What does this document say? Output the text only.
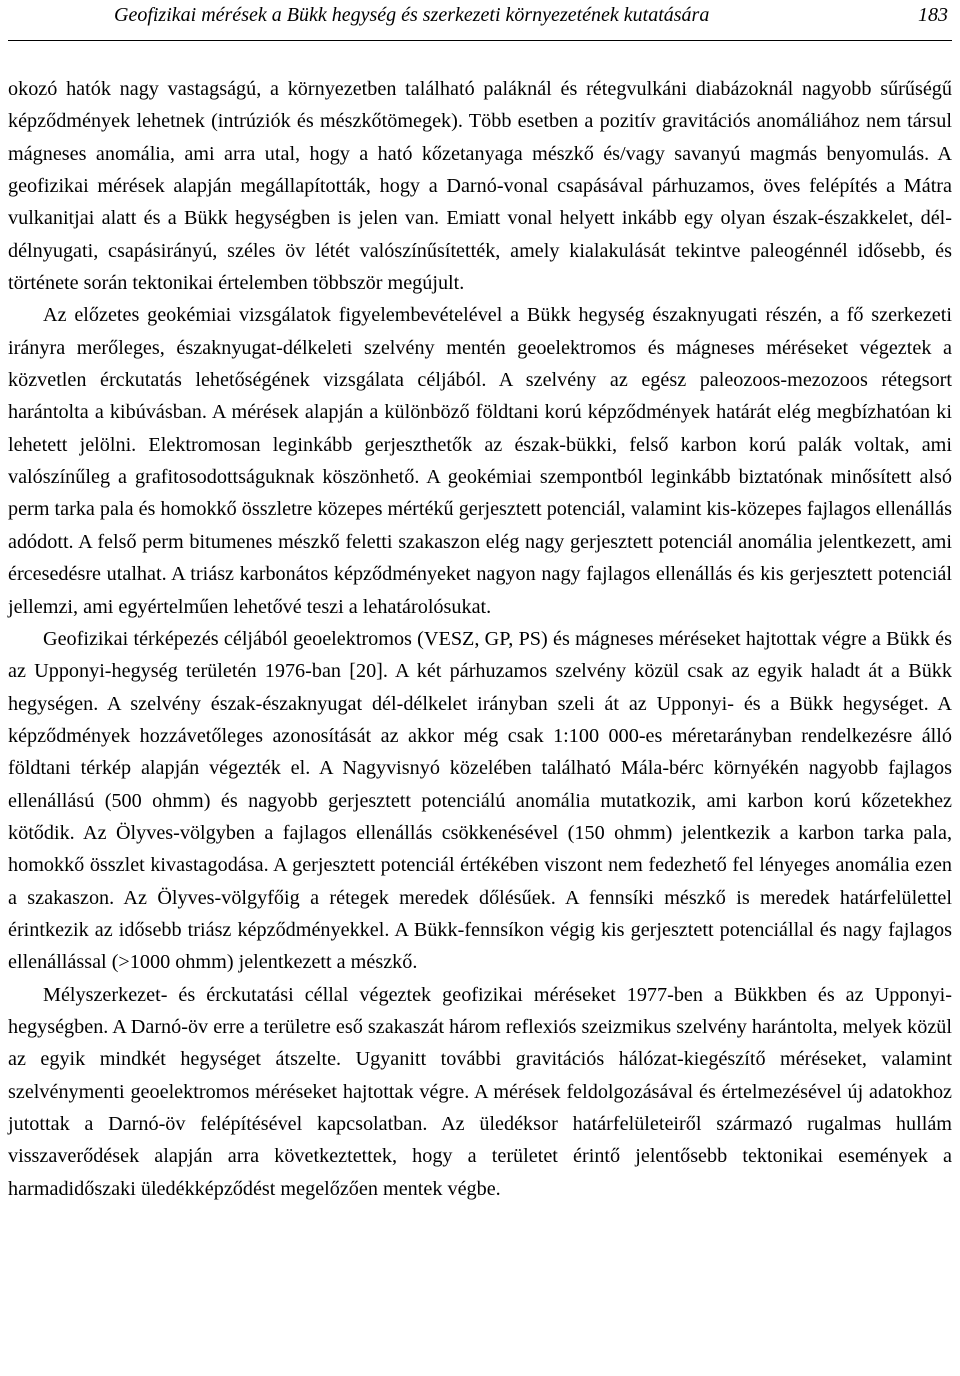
Geofizikai mérések a Bükk hegység és szerkezeti környezetének kutatására	183

okozó hatók nagy vastagságú, a környezetben található paláknál és rétegvulkáni diabázoknál nagyobb sűrűségű képződmények lehetnek (intrúziók és mészkőtömegek). Több esetben a pozitív gravitációs anomáliához nem társul mágneses anomália, ami arra utal, hogy a ható kőzetanyaga mészkő és/vagy savanyú magmás benyomulás. A geofizikai mérések alapján megállapították, hogy a Darnó-vonal csapásával párhuzamos, öves felépítés a Mátra vulkanitjai alatt és a Bükk hegységben is jelen van. Emiatt vonal helyett inkább egy olyan észak-északkelet, dél-délnyugati, csapásirányú, széles öv létét valószínűsítették, amely kialakulását tekintve paleogénnél idősebb, és története során tektonikai értelemben többször megújult.

Az előzetes geokémiai vizsgálatok figyelembevételével a Bükk hegység északnyugati részén, a fő szerkezeti irányra merőleges, északnyugat-délkeleti szelvény mentén geoelektromos és mágneses méréseket végeztek a közvetlen érckutatás lehetőségének vizsgálata céljából. A szelvény az egész paleozoos-mezozoos rétegsort harántolta a kibúvásban. A mérések alapján a különböző földtani korú képződmények határát elég megbízhatóan ki lehetett jelölni. Elektromosan leginkább gerjeszthetők az észak-bükki, felső karbon korú palák voltak, ami valószínűleg a grafitosodottságuknak köszönhető. A geokémiai szempontból leginkább biztatónak minősített alsó perm tarka pala és homokkő összletre közepes mértékű gerjesztett potenciál, valamint kis-közepes fajlagos ellenállás adódott. A felső perm bitumenes mészkő feletti szakaszon elég nagy gerjesztett potenciál anomália jelentkezett, ami ércesedésre utalhat. A triász karbonátos képződményeket nagyon nagy fajlagos ellenállás és kis gerjesztett potenciál jellemzi, ami egyértelműen lehetővé teszi a lehatárolósukat.

Geofizikai térképezés céljából geoelektromos (VESZ, GP, PS) és mágneses méréseket hajtottak végre a Bükk és az Upponyi-hegység területén 1976-ban [20]. A két párhuzamos szelvény közül csak az egyik haladt át a Bükk hegységen. A szelvény észak-északnyugat dél-délkelet irányban szeli át az Upponyi- és a Bükk hegységet. A képződmények hozzávetőleges azonosítását az akkor még csak 1:100 000-es méretarányban rendelkezésre álló földtani térkép alapján végezték el. A Nagyvisnyó közelében található Mála-bérc környékén nagyobb fajlagos ellenállású (500 ohmm) és nagyobb gerjesztett potenciálú anomália mutatkozik, ami karbon korú kőzetekhez kötődik. Az Ölyves-völgyben a fajlagos ellenállás csökkenésével (150 ohmm) jelentkezik a karbon tarka pala, homokkő összlet kivastagodása. A gerjesztett potenciál értékében viszont nem fedezhető fel lényeges anomália ezen a szakaszon. Az Ölyves-völgyfőig a rétegek meredek dőlésűek. A fennsíki mészkő is meredek határfelülettel érintkezik az idősebb triász képződményekkel. A Bükk-fennsíkon végig kis gerjesztett potenciállal és nagy fajlagos ellenállással (>1000 ohmm) jelentkezett a mészkő.

Mélyszerkezet- és érckutatási céllal végeztek geofizikai méréseket 1977-ben a Bükkben és az Upponyi-hegységben. A Darnó-öv erre a területre eső szakaszát három reflexiós szeizmikus szelvény harántolta, melyek közül az egyik mindkét hegységet átszelte. Ugyanitt további gravitációs hálózat-kiegészítő méréseket, valamint szelvénymenti geoelektromos méréseket hajtottak végre. A mérések feldolgozásával és értelmezésével új adatokhoz jutottak a Darnó-öv felépítésével kapcsolatban. Az üledéksor határfelületeiről származó rugalmas hullám visszaverődések alapján arra következtettek, hogy a területet érintő jelentősebb tektonikai események a harmadidőszaki üledékképződést megelőzően mentek végbe.
